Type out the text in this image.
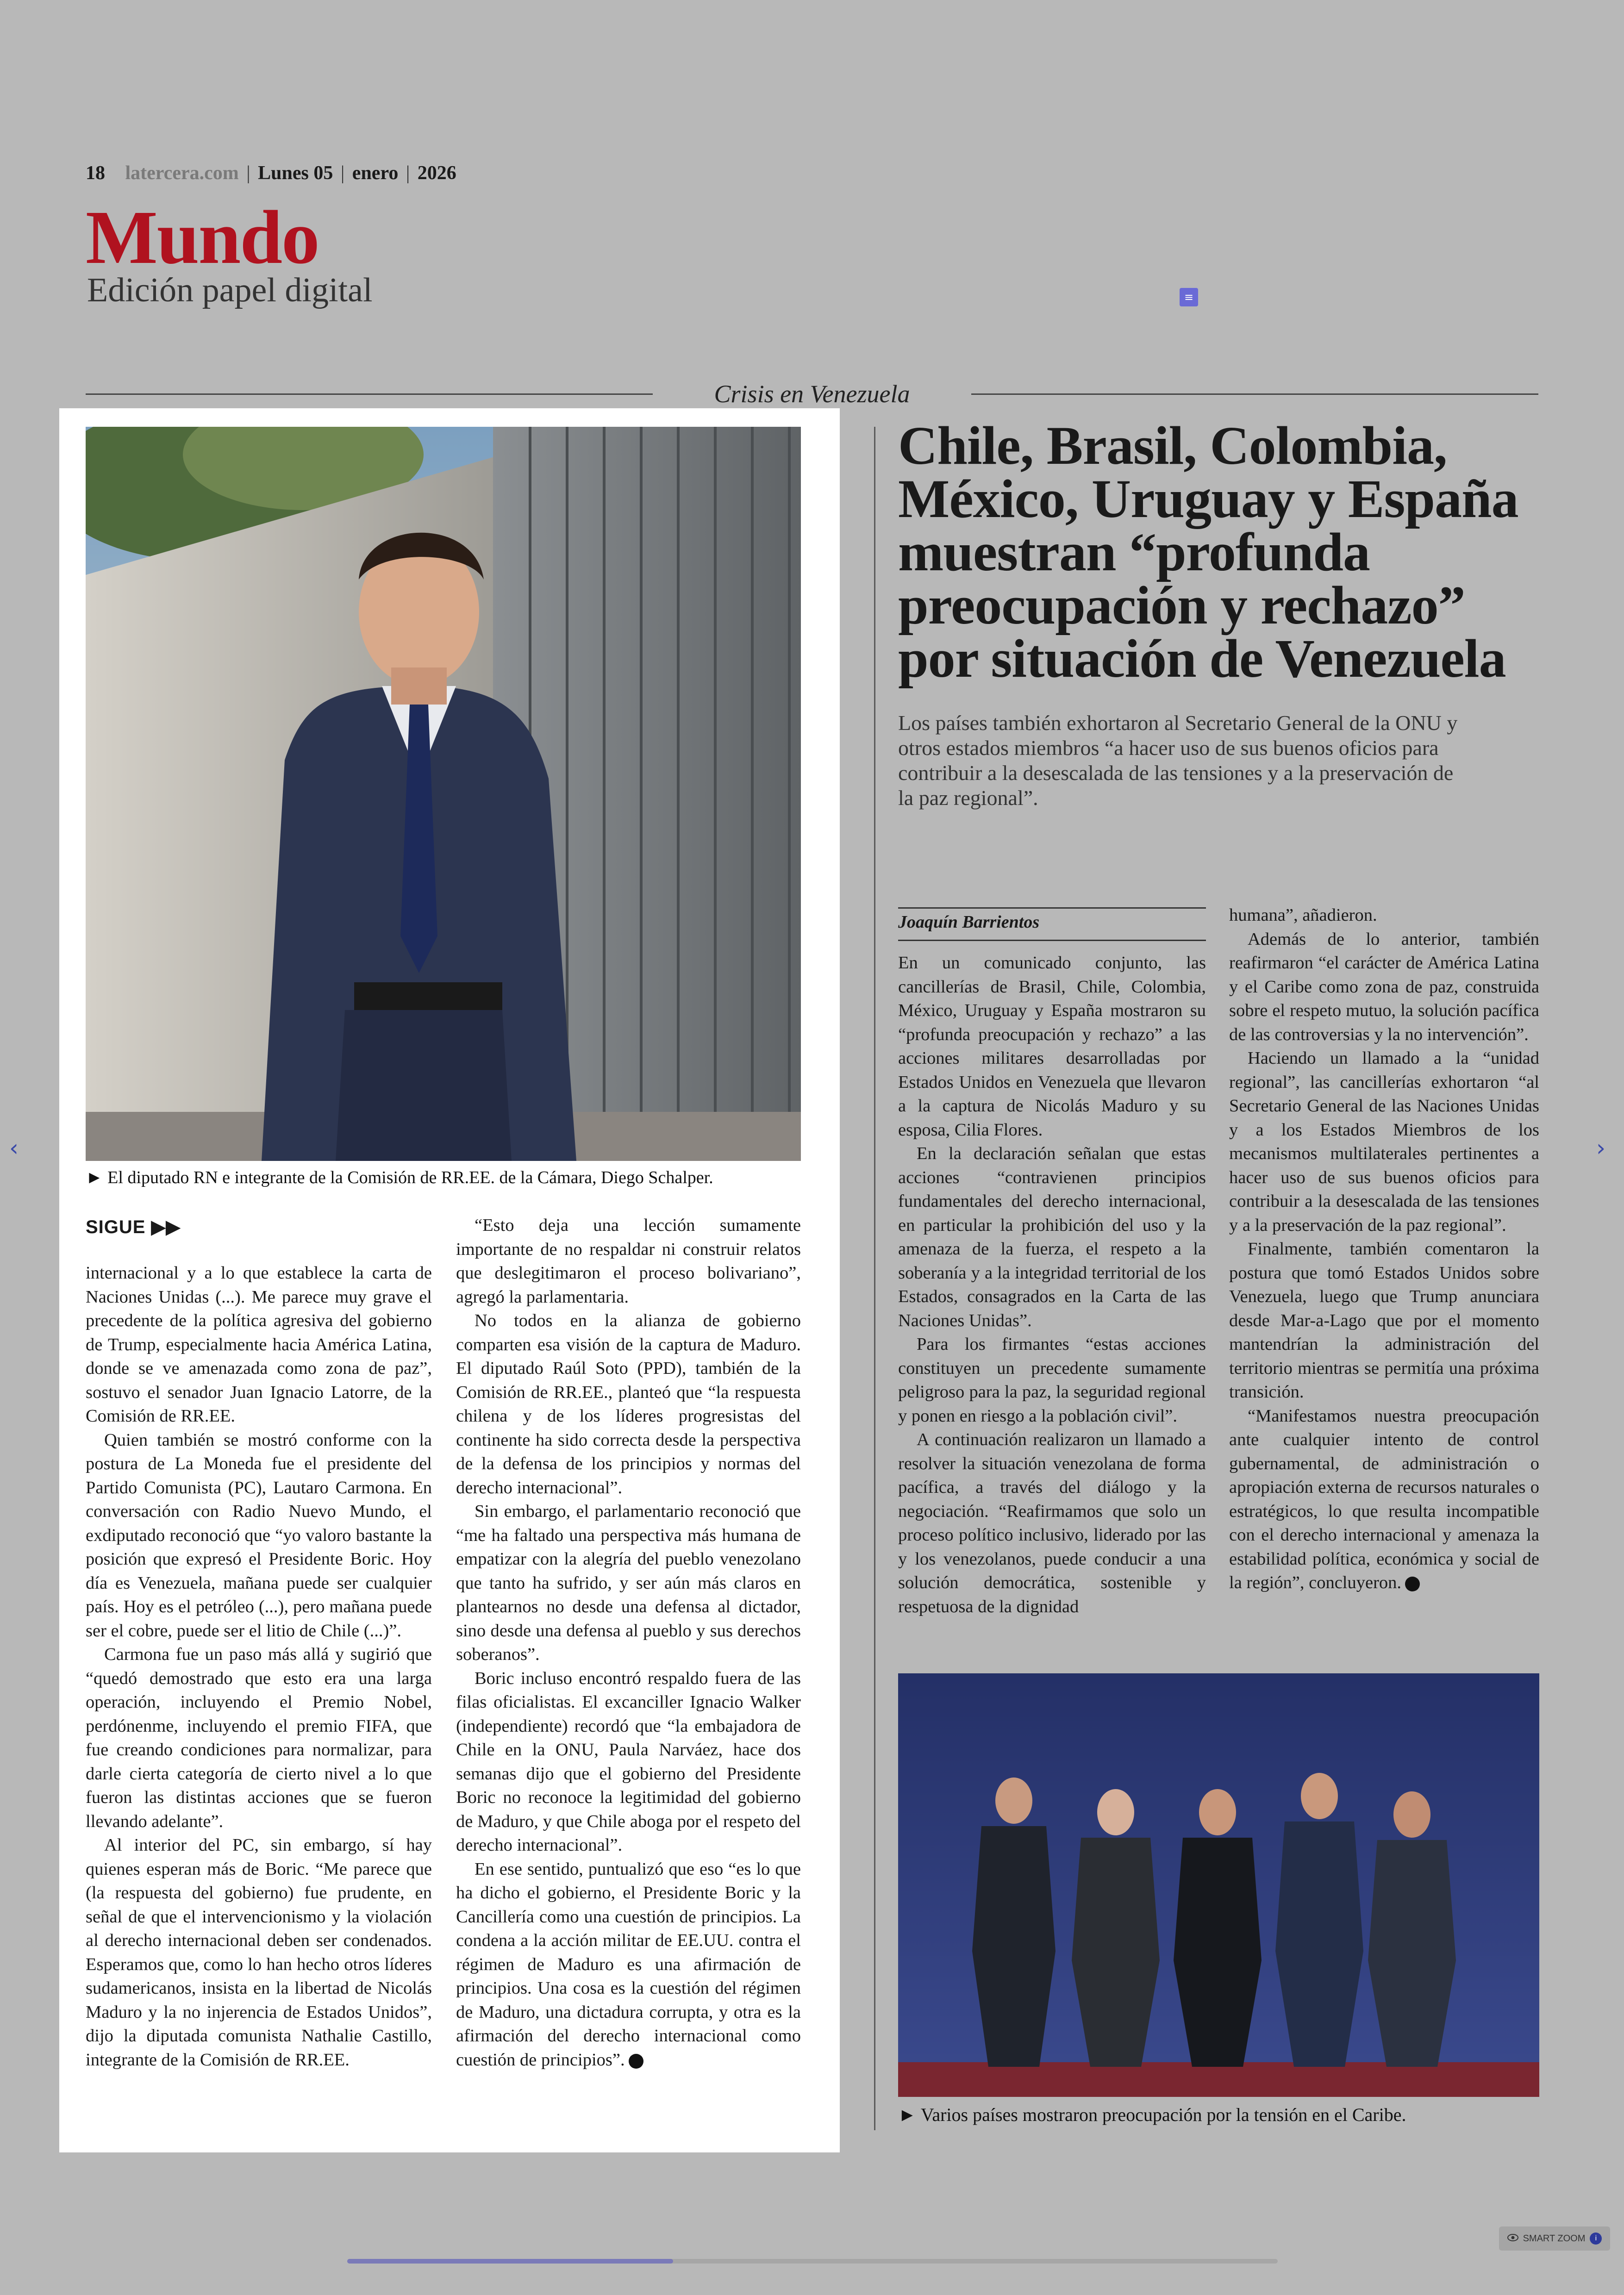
18 latercera.com | Lunes 05 | enero | 2026
Mundo
Edición papel digital	≡
Crisis en Venezuela
► El diputado RN e integrante de la Comisión de RR.EE. de la Cámara, Diego Schalper.
SIGUE ▶▶

internacional y a lo que establece la carta de Naciones Unidas (...). Me parece muy grave el precedente de la política agresiva del gobierno de Trump, especialmente hacia América Latina, donde se ve amenazada como zona de paz”, sostuvo el senador Juan Ignacio Latorre, de la Comisión de RR.EE.

Quien también se mostró conforme con la postura de La Moneda fue el presidente del Partido Comunista (PC), Lautaro Carmona. En conversación con Radio Nuevo Mundo, el exdiputado reconoció que “yo valoro bastante la posición que expresó el Presidente Boric. Hoy día es Venezuela, mañana puede ser cualquier país. Hoy es el petróleo (...), pero mañana puede ser el cobre, puede ser el litio de Chile (...)”.

Carmona fue un paso más allá y sugirió que “quedó demostrado que esto era una larga operación, incluyendo el Premio Nobel, perdónenme, incluyendo el premio FIFA, que fue creando condiciones para normalizar, para darle cierta categoría de cierto nivel a lo que fueron las distintas acciones que se fueron llevando adelante”.

Al interior del PC, sin embargo, sí hay quienes esperan más de Boric. “Me parece que (la respuesta del gobierno) fue prudente, en señal de que el intervencionismo y la violación al derecho internacional deben ser condenados. Esperamos que, como lo han hecho otros líderes sudamericanos, insista en la libertad de Nicolás Maduro y la no injerencia de Estados Unidos”, dijo la diputada comunista Nathalie Castillo, integrante de la Comisión de RR.EE.

“Esto deja una lección sumamente importante de no respaldar ni construir relatos que deslegitimaron el proceso bolivariano”, agregó la parlamentaria.

No todos en la alianza de gobierno comparten esa visión de la captura de Maduro. El diputado Raúl Soto (PPD), también de la Comisión de RR.EE., planteó que “la respuesta chilena y de los líderes progresistas del continente ha sido correcta desde la perspectiva de la defensa de los principios y normas del derecho internacional”.

Sin embargo, el parlamentario reconoció que “me ha faltado una perspectiva más humana de empatizar con la alegría del pueblo venezolano que tanto ha sufrido, y ser aún más claros en plantearnos no desde una defensa al dictador, sino desde una defensa al pueblo y sus derechos soberanos”.

Boric incluso encontró respaldo fuera de las filas oficialistas. El excanciller Ignacio Walker (independiente) recordó que “la embajadora de Chile en la ONU, Paula Narváez, hace dos semanas dijo que el gobierno del Presidente Boric no reconoce la legitimidad del gobierno de Maduro, y que Chile aboga por el respeto del derecho internacional”.

En ese sentido, puntualizó que eso “es lo que ha dicho el gobierno, el Presidente Boric y la Cancillería como una cuestión de principios. La condena a la acción militar de EE.UU. contra el régimen de Maduro es una afirmación de principios. Una cosa es la cuestión del régimen de Maduro, una dictadura corrupta, y otra es la afirmación del derecho internacional como cuestión de principios”.

Chile, Brasil, Colombia, México, Uruguay y España muestran “profunda preocupación y rechazo” por situación de Venezuela
Los países también exhortaron al Secretario General de la ONU y otros estados miembros “a hacer uso de sus buenos oficios para contribuir a la desescalada de las tensiones y a la preservación de la paz regional”.
Joaquín Barrientos

En un comunicado conjunto, las cancillerías de Brasil, Chile, Colombia, México, Uruguay y España mostraron su “profunda preocupación y rechazo” a las acciones militares desarrolladas por Estados Unidos en Venezuela que llevaron a la captura de Nicolás Maduro y su esposa, Cilia Flores.

En la declaración señalan que estas acciones “contravienen principios fundamentales del derecho internacional, en particular la prohibición del uso y la amenaza de la fuerza, el respeto a la soberanía y a la integridad territorial de los Estados, consagrados en la Carta de las Naciones Unidas”.

Para los firmantes “estas acciones constituyen un precedente sumamente peligroso para la paz, la seguridad regional y ponen en riesgo a la población civil”.

A continuación realizaron un llamado a resolver la situación venezolana de forma pacífica, a través del diálogo y la negociación. “Reafirmamos que solo un proceso político inclusivo, liderado por las y los venezolanos, puede conducir a una solución democrática, sostenible y respetuosa de la dignidad

humana”, añadieron.

Además de lo anterior, también reafirmaron “el carácter de América Latina y el Caribe como zona de paz, construida sobre el respeto mutuo, la solución pacífica de las controversias y la no intervención”.

Haciendo un llamado a la “unidad regional”, las cancillerías exhortaron “al Secretario General de las Naciones Unidas y a los Estados Miembros de los mecanismos multilaterales pertinentes a hacer uso de sus buenos oficios para contribuir a la desescalada de las tensiones y a la preservación de la paz regional”.

Finalmente, también comentaron la postura que tomó Estados Unidos sobre Venezuela, luego que Trump anunciara desde Mar-a-Lago que por el momento mantendrían la administración del territorio mientras se permitía una próxima transición.

“Manifestamos nuestra preocupación ante cualquier intento de control gubernamental, de administración o apropiación externa de recursos naturales o estratégicos, lo que resulta incompatible con el derecho internacional y amenaza la estabilidad política, económica y social de la región”, concluyeron.

► Varios países mostraron preocupación por la tensión en el Caribe.
‹	›
SMART ZOOM	i
